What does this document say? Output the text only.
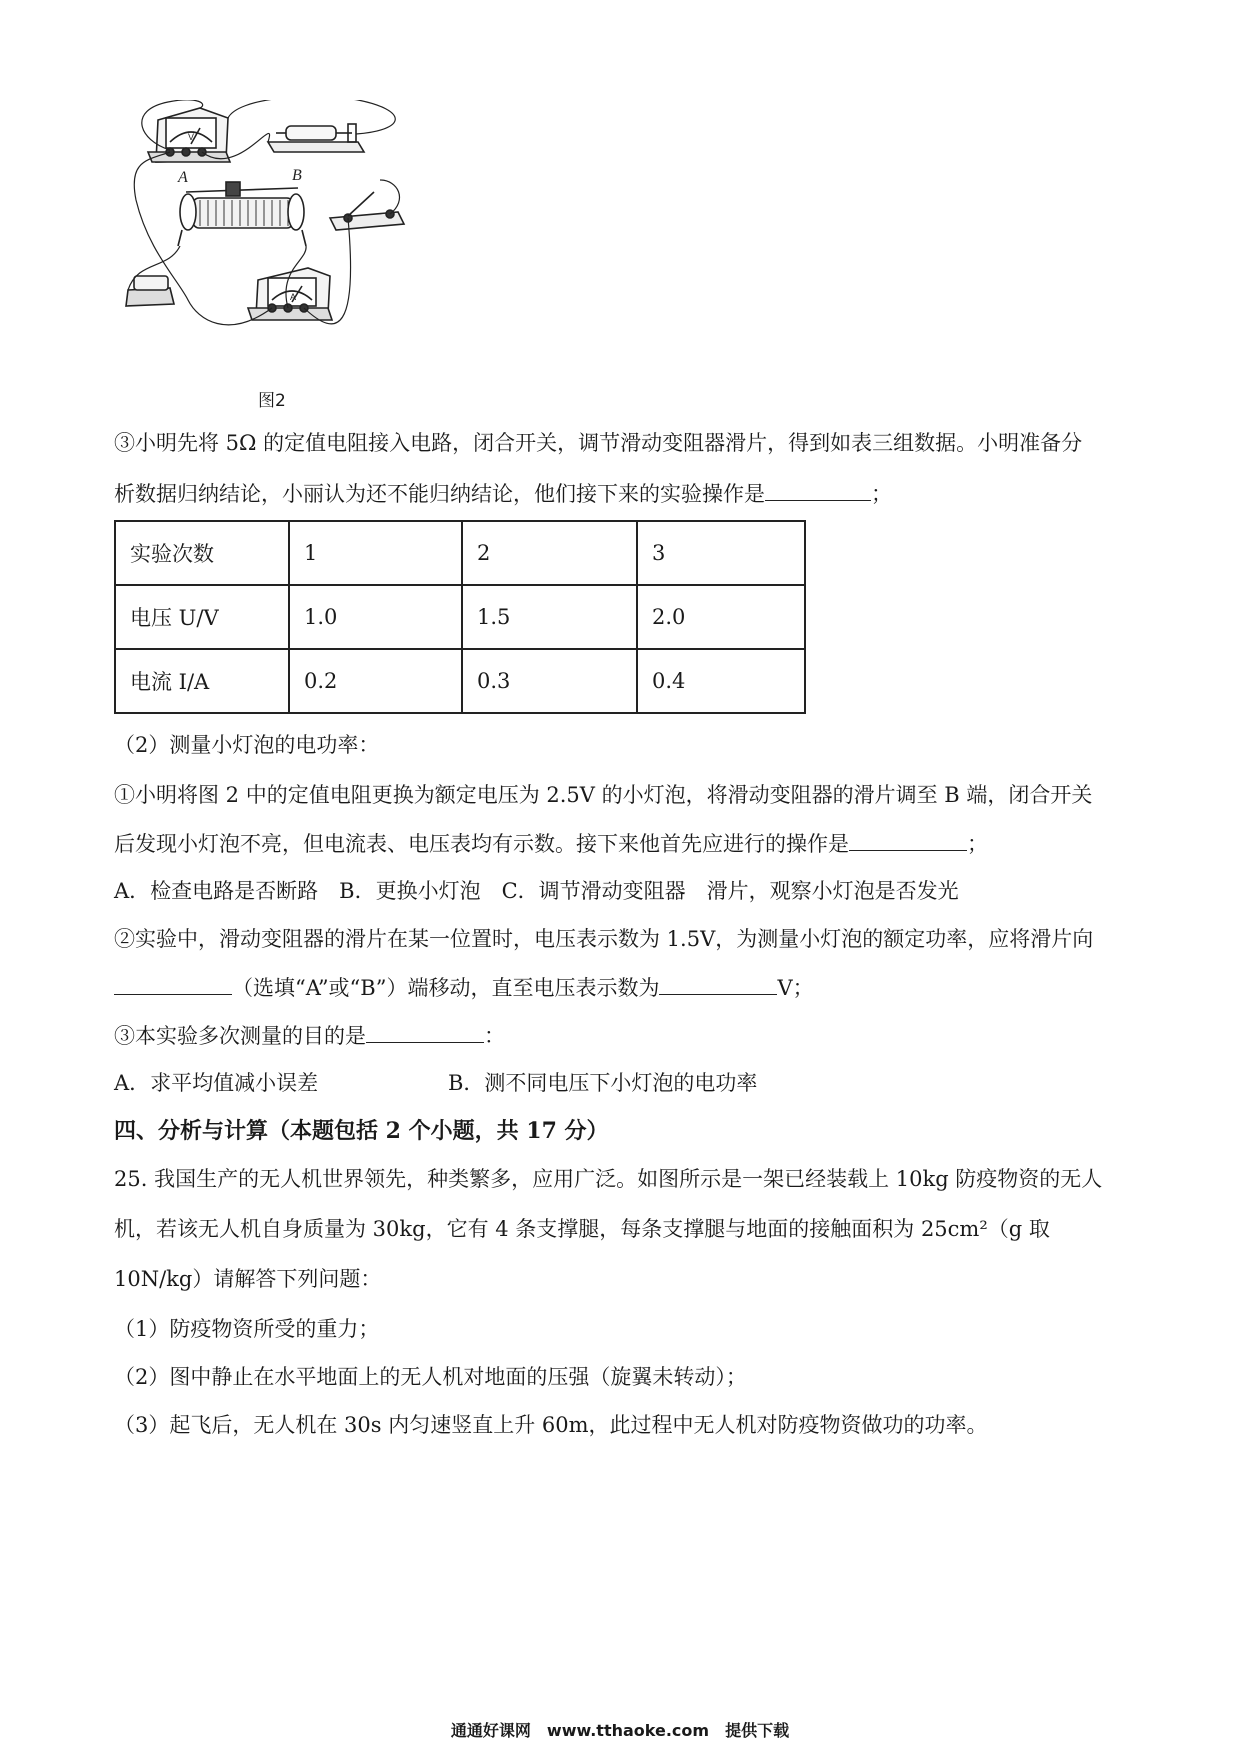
A	B
V
A
图2
③小明先将 5Ω 的定值电阻接入电路，闭合开关，调节滑动变阻器滑片，得到如表三组数据。小明准备分
析数据归纳结论，小丽认为还不能归纳结论，他们接下来的实验操作是	；
实验次数	1	2	3
电压 U/V	1.0	1.5	2.0
电流 I/A	0.2	0.3	0.4
（2）测量小灯泡的电功率：
①小明将图 2 中的定值电阻更换为额定电压为 2.5V 的小灯泡，将滑动变阻器的滑片调至 B 端，闭合开关
后发现小灯泡不亮，但电流表、电压表均有示数。接下来他首先应进行的操作是	；
A．检查电路是否断路　B．更换小灯泡　C．调节滑动变阻器　滑片，观察小灯泡是否发光
②实验中，滑动变阻器的滑片在某一位置时，电压表示数为 1.5V，为测量小灯泡的额定功率，应将滑片向
（选填“A”或“B”）端移动，直至电压表示数为	V；
③本实验多次测量的目的是	：
A．求平均值减小误差	B．测不同电压下小灯泡的电功率
四、分析与计算（本题包括 2 个小题，共 17 分）
25. 我国生产的无人机世界领先，种类繁多，应用广泛。如图所示是一架已经装载上 10kg 防疫物资的无人
机，若该无人机自身质量为 30kg，它有 4 条支撑腿，每条支撑腿与地面的接触面积为 25cm²（g 取
10N/kg）请解答下列问题：
（1）防疫物资所受的重力；
（2）图中静止在水平地面上的无人机对地面的压强（旋翼未转动）；
（3）起飞后，无人机在 30s 内匀速竖直上升 60m，此过程中无人机对防疫物资做功的功率。
通通好课网　www.tthaoke.com　提供下载
